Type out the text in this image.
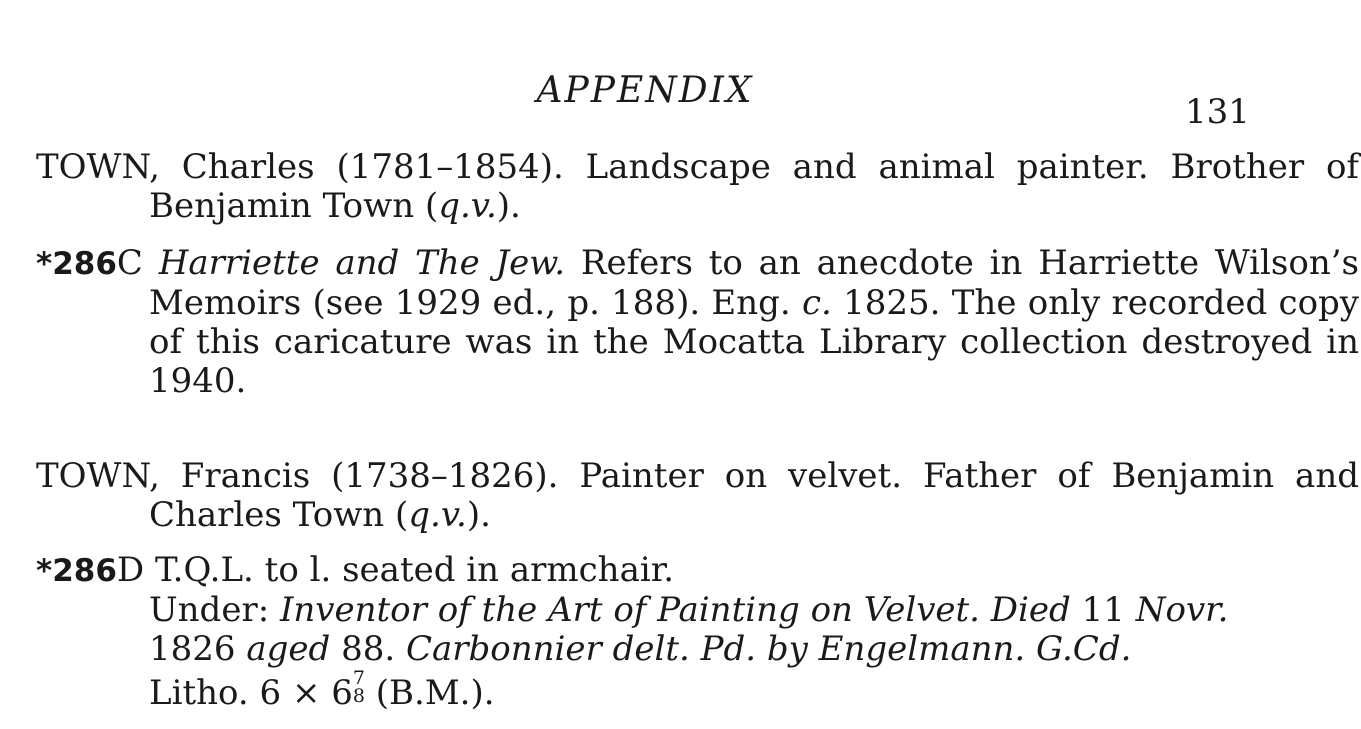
APPENDIX
131
TOWN, Charles (1781–1854). Landscape and animal painter. Brother of Benjamin Town (q.v.).
*286C Harriette and The Jew. Refers to an anecdote in Harriette Wilson’s Memoirs (see 1929 ed., p. 188). Eng. c. 1825. The only recorded copy of this caricature was in the Mocatta Library collection destroyed in 1940.
TOWN, Francis (1738–1826). Painter on velvet. Father of Benjamin and Charles Town (q.v.).
*286D T.Q.L. to l. seated in armchair.
Under: Inventor of the Art of Painting on Velvet. Died 11 Novr.
1826 aged 88. Carbonnier delt. Pd. by Engelmann. G.Cd.
Litho. 6 × 6 7
8 (B.M.).
